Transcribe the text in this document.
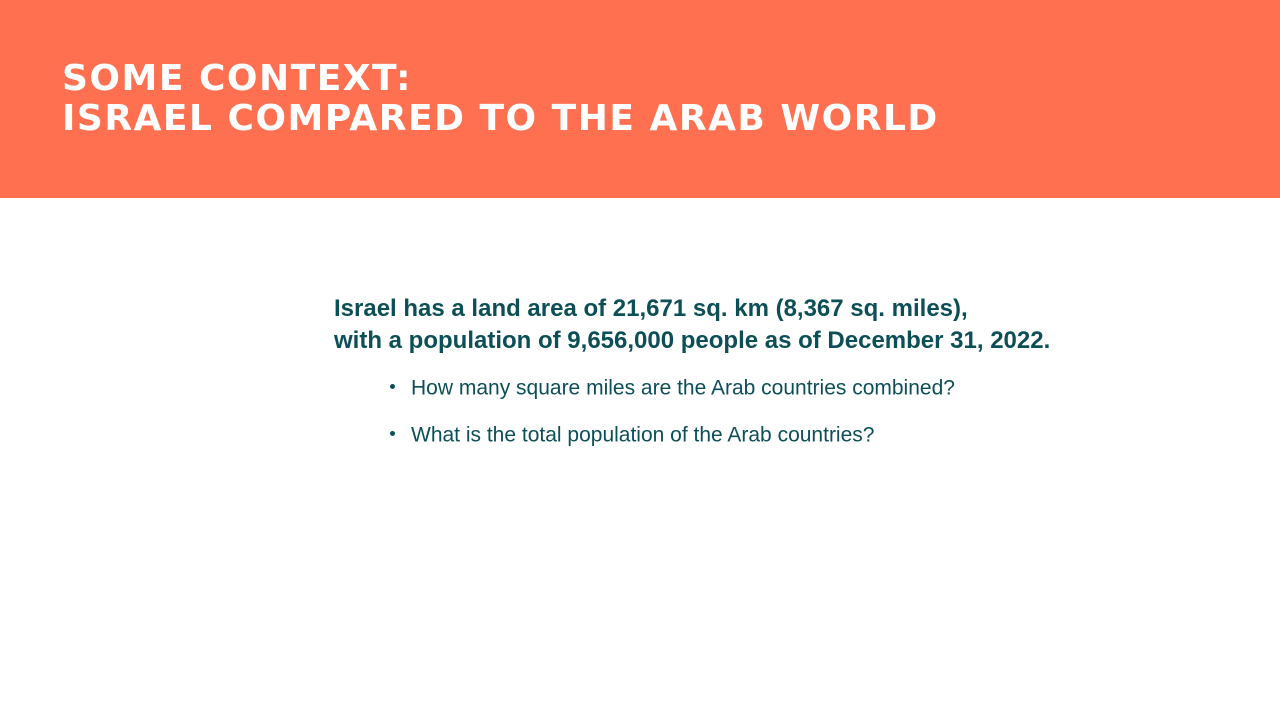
SOME CONTEXT:
ISRAEL COMPARED TO THE ARAB WORLD

Israel has a land area of 21,671 sq. km (8,367 sq. miles),

with a population of 9,656,000 people as of December 31, 2022.

How many square miles are the Arab countries combined?
What is the total population of the Arab countries?
